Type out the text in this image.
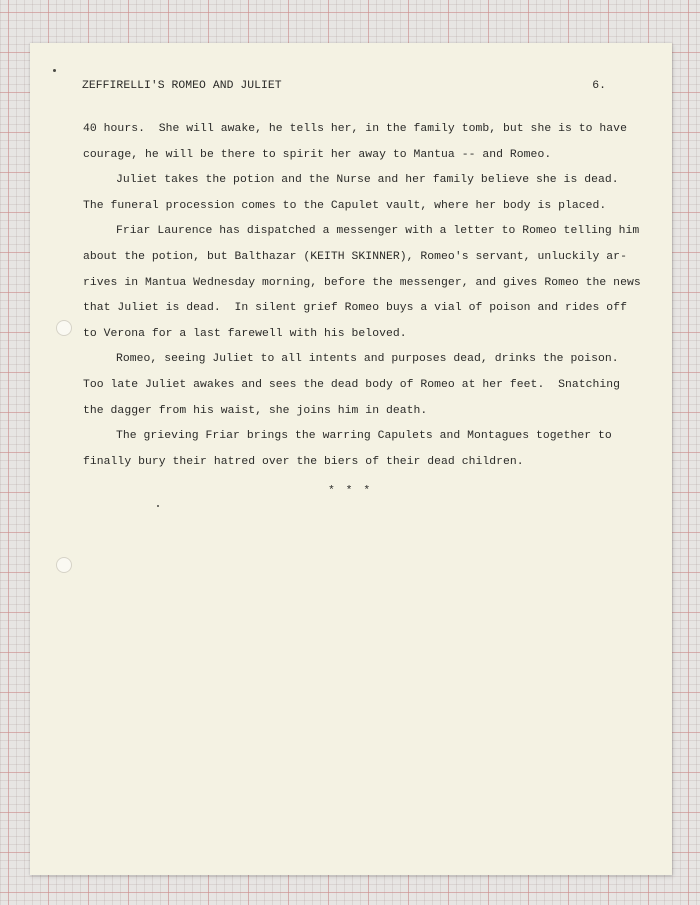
ZEFFIRELLI'S ROMEO AND JULIET	6.
40 hours.  She will awake, he tells her, in the family tomb, but she is to have
courage, he will be there to spirit her away to Mantua -- and Romeo.
Juliet takes the potion and the Nurse and her family believe she is dead.
The funeral procession comes to the Capulet vault, where her body is placed.
Friar Laurence has dispatched a messenger with a letter to Romeo telling him
about the potion, but Balthazar (KEITH SKINNER), Romeo's servant, unluckily ar-
rives in Mantua Wednesday morning, before the messenger, and gives Romeo the news
that Juliet is dead.  In silent grief Romeo buys a vial of poison and rides off
to Verona for a last farewell with his beloved.
Romeo, seeing Juliet to all intents and purposes dead, drinks the poison.
Too late Juliet awakes and sees the dead body of Romeo at her feet.  Snatching
the dagger from his waist, she joins him in death.
The grieving Friar brings the warring Capulets and Montagues together to
finally bury their hatred over the biers of their dead children.
* * *
